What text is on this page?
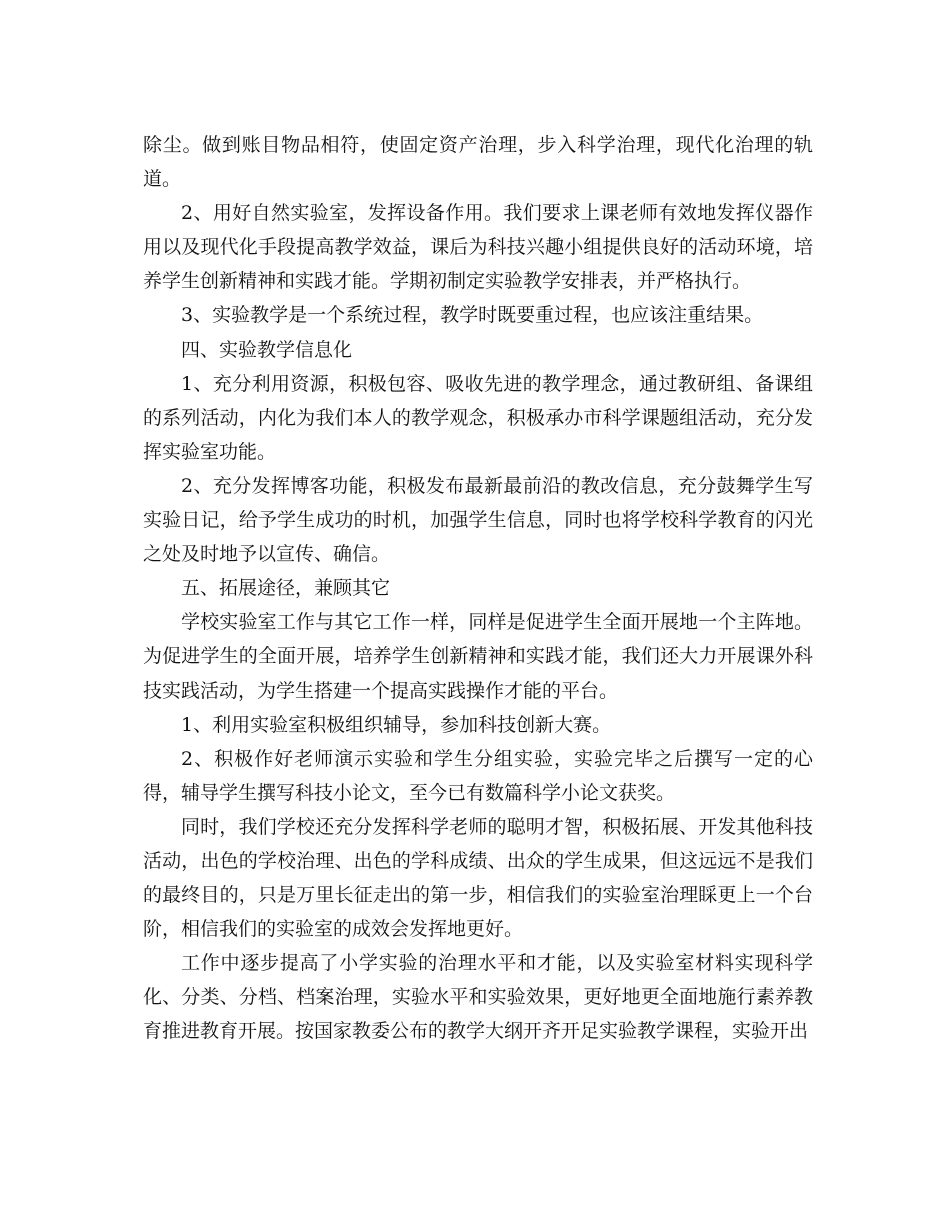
除尘。做到账目物品相符，使固定资产治理，步入科学治理，现代化治理的轨道。

2、用好自然实验室，发挥设备作用。我们要求上课老师有效地发挥仪器作用以及现代化手段提高教学效益，课后为科技兴趣小组提供良好的活动环境，培养学生创新精神和实践才能。学期初制定实验教学安排表，并严格执行。

3、实验教学是一个系统过程，教学时既要重过程，也应该注重结果。

四、实验教学信息化

1、充分利用资源，积极包容、吸收先进的教学理念，通过教研组、备课组的系列活动，内化为我们本人的教学观念，积极承办市科学课题组活动，充分发挥实验室功能。

2、充分发挥博客功能，积极发布最新最前沿的教改信息，充分鼓舞学生写实验日记，给予学生成功的时机，加强学生信息，同时也将学校科学教育的闪光之处及时地予以宣传、确信。

五、拓展途径，兼顾其它

学校实验室工作与其它工作一样，同样是促进学生全面开展地一个主阵地。为促进学生的全面开展，培养学生创新精神和实践才能，我们还大力开展课外科技实践活动，为学生搭建一个提高实践操作才能的平台。

1、利用实验室积极组织辅导，参加科技创新大赛。

2、积极作好老师演示实验和学生分组实验，实验完毕之后撰写一定的心得，辅导学生撰写科技小论文，至今已有数篇科学小论文获奖。

同时，我们学校还充分发挥科学老师的聪明才智，积极拓展、开发其他科技活动，出色的学校治理、出色的学科成绩、出众的学生成果，但这远远不是我们的最终目的，只是万里长征走出的第一步，相信我们的实验室治理睬更上一个台阶，相信我们的实验室的成效会发挥地更好。

工作中逐步提高了小学实验的治理水平和才能，以及实验室材料实现科学化、分类、分档、档案治理，实验水平和实验效果，更好地更全面地施行素养教育推进教育开展。按国家教委公布的教学大纲开齐开足实验教学课程，实验开出
